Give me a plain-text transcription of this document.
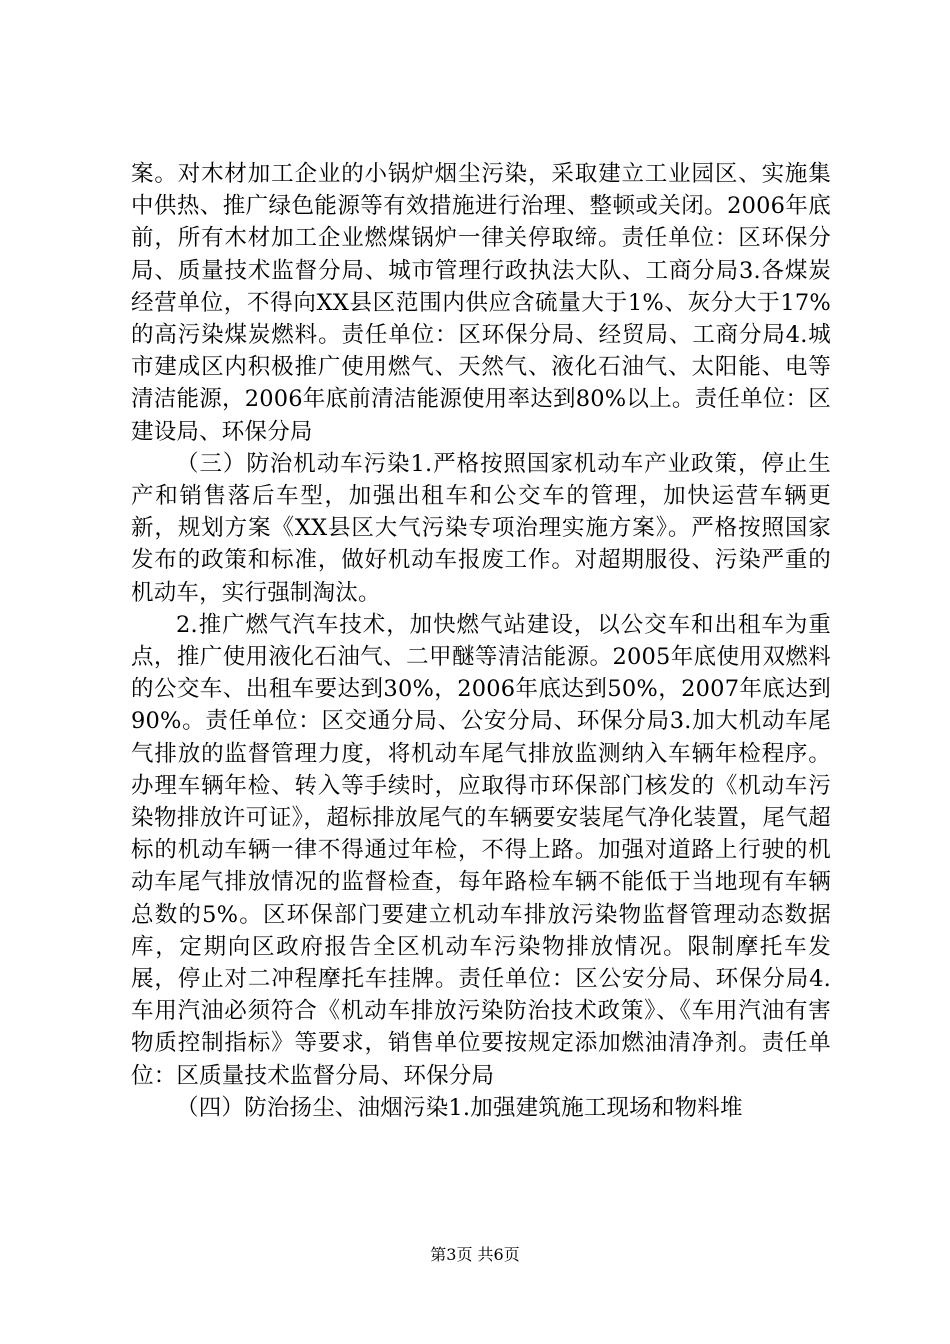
案。对木材加工企业的小锅炉烟尘污染，采取建立工业园区、实施集中供热、推广绿色能源等有效措施进行治理、整顿或关闭。2006年底前，所有木材加工企业燃煤锅炉一律关停取缔。责任单位：区环保分局、质量技术监督分局、城市管理行政执法大队、工商分局3.各煤炭经营单位，不得向XX县区范围内供应含硫量大于1%、灰分大于17%的高污染煤炭燃料。责任单位：区环保分局、经贸局、工商分局4.城市建成区内积极推广使用燃气、天然气、液化石油气、太阳能、电等清洁能源，2006年底前清洁能源使用率达到80%以上。责任单位：区建设局、环保分局

（三）防治机动车污染1.严格按照国家机动车产业政策，停止生产和销售落后车型，加强出租车和公交车的管理，加快运营车辆更新，规划方案《XX县区大气污染专项治理实施方案》。严格按照国家发布的政策和标准，做好机动车报废工作。对超期服役、污染严重的机动车，实行强制淘汰。

2.推广燃气汽车技术，加快燃气站建设，以公交车和出租车为重点，推广使用液化石油气、二甲醚等清洁能源。2005年底使用双燃料的公交车、出租车要达到30%，2006年底达到50%，2007年底达到90%。责任单位：区交通分局、公安分局、环保分局3.加大机动车尾气排放的监督管理力度，将机动车尾气排放监测纳入车辆年检程序。办理车辆年检、转入等手续时，应取得市环保部门核发的《机动车污染物排放许可证》，超标排放尾气的车辆要安装尾气净化装置，尾气超标的机动车辆一律不得通过年检，不得上路。加强对道路上行驶的机动车尾气排放情况的监督检查，每年路检车辆不能低于当地现有车辆总数的5%。区环保部门要建立机动车排放污染物监督管理动态数据库，定期向区政府报告全区机动车污染物排放情况。限制摩托车发展，停止对二冲程摩托车挂牌。责任单位：区公安分局、环保分局4.车用汽油必须符合《机动车排放污染防治技术政策》、《车用汽油有害物质控制指标》等要求，销售单位要按规定添加燃油清净剂。责任单位：区质量技术监督分局、环保分局

（四）防治扬尘、油烟污染1.加强建筑施工现场和物料堆

第3页 共6页
